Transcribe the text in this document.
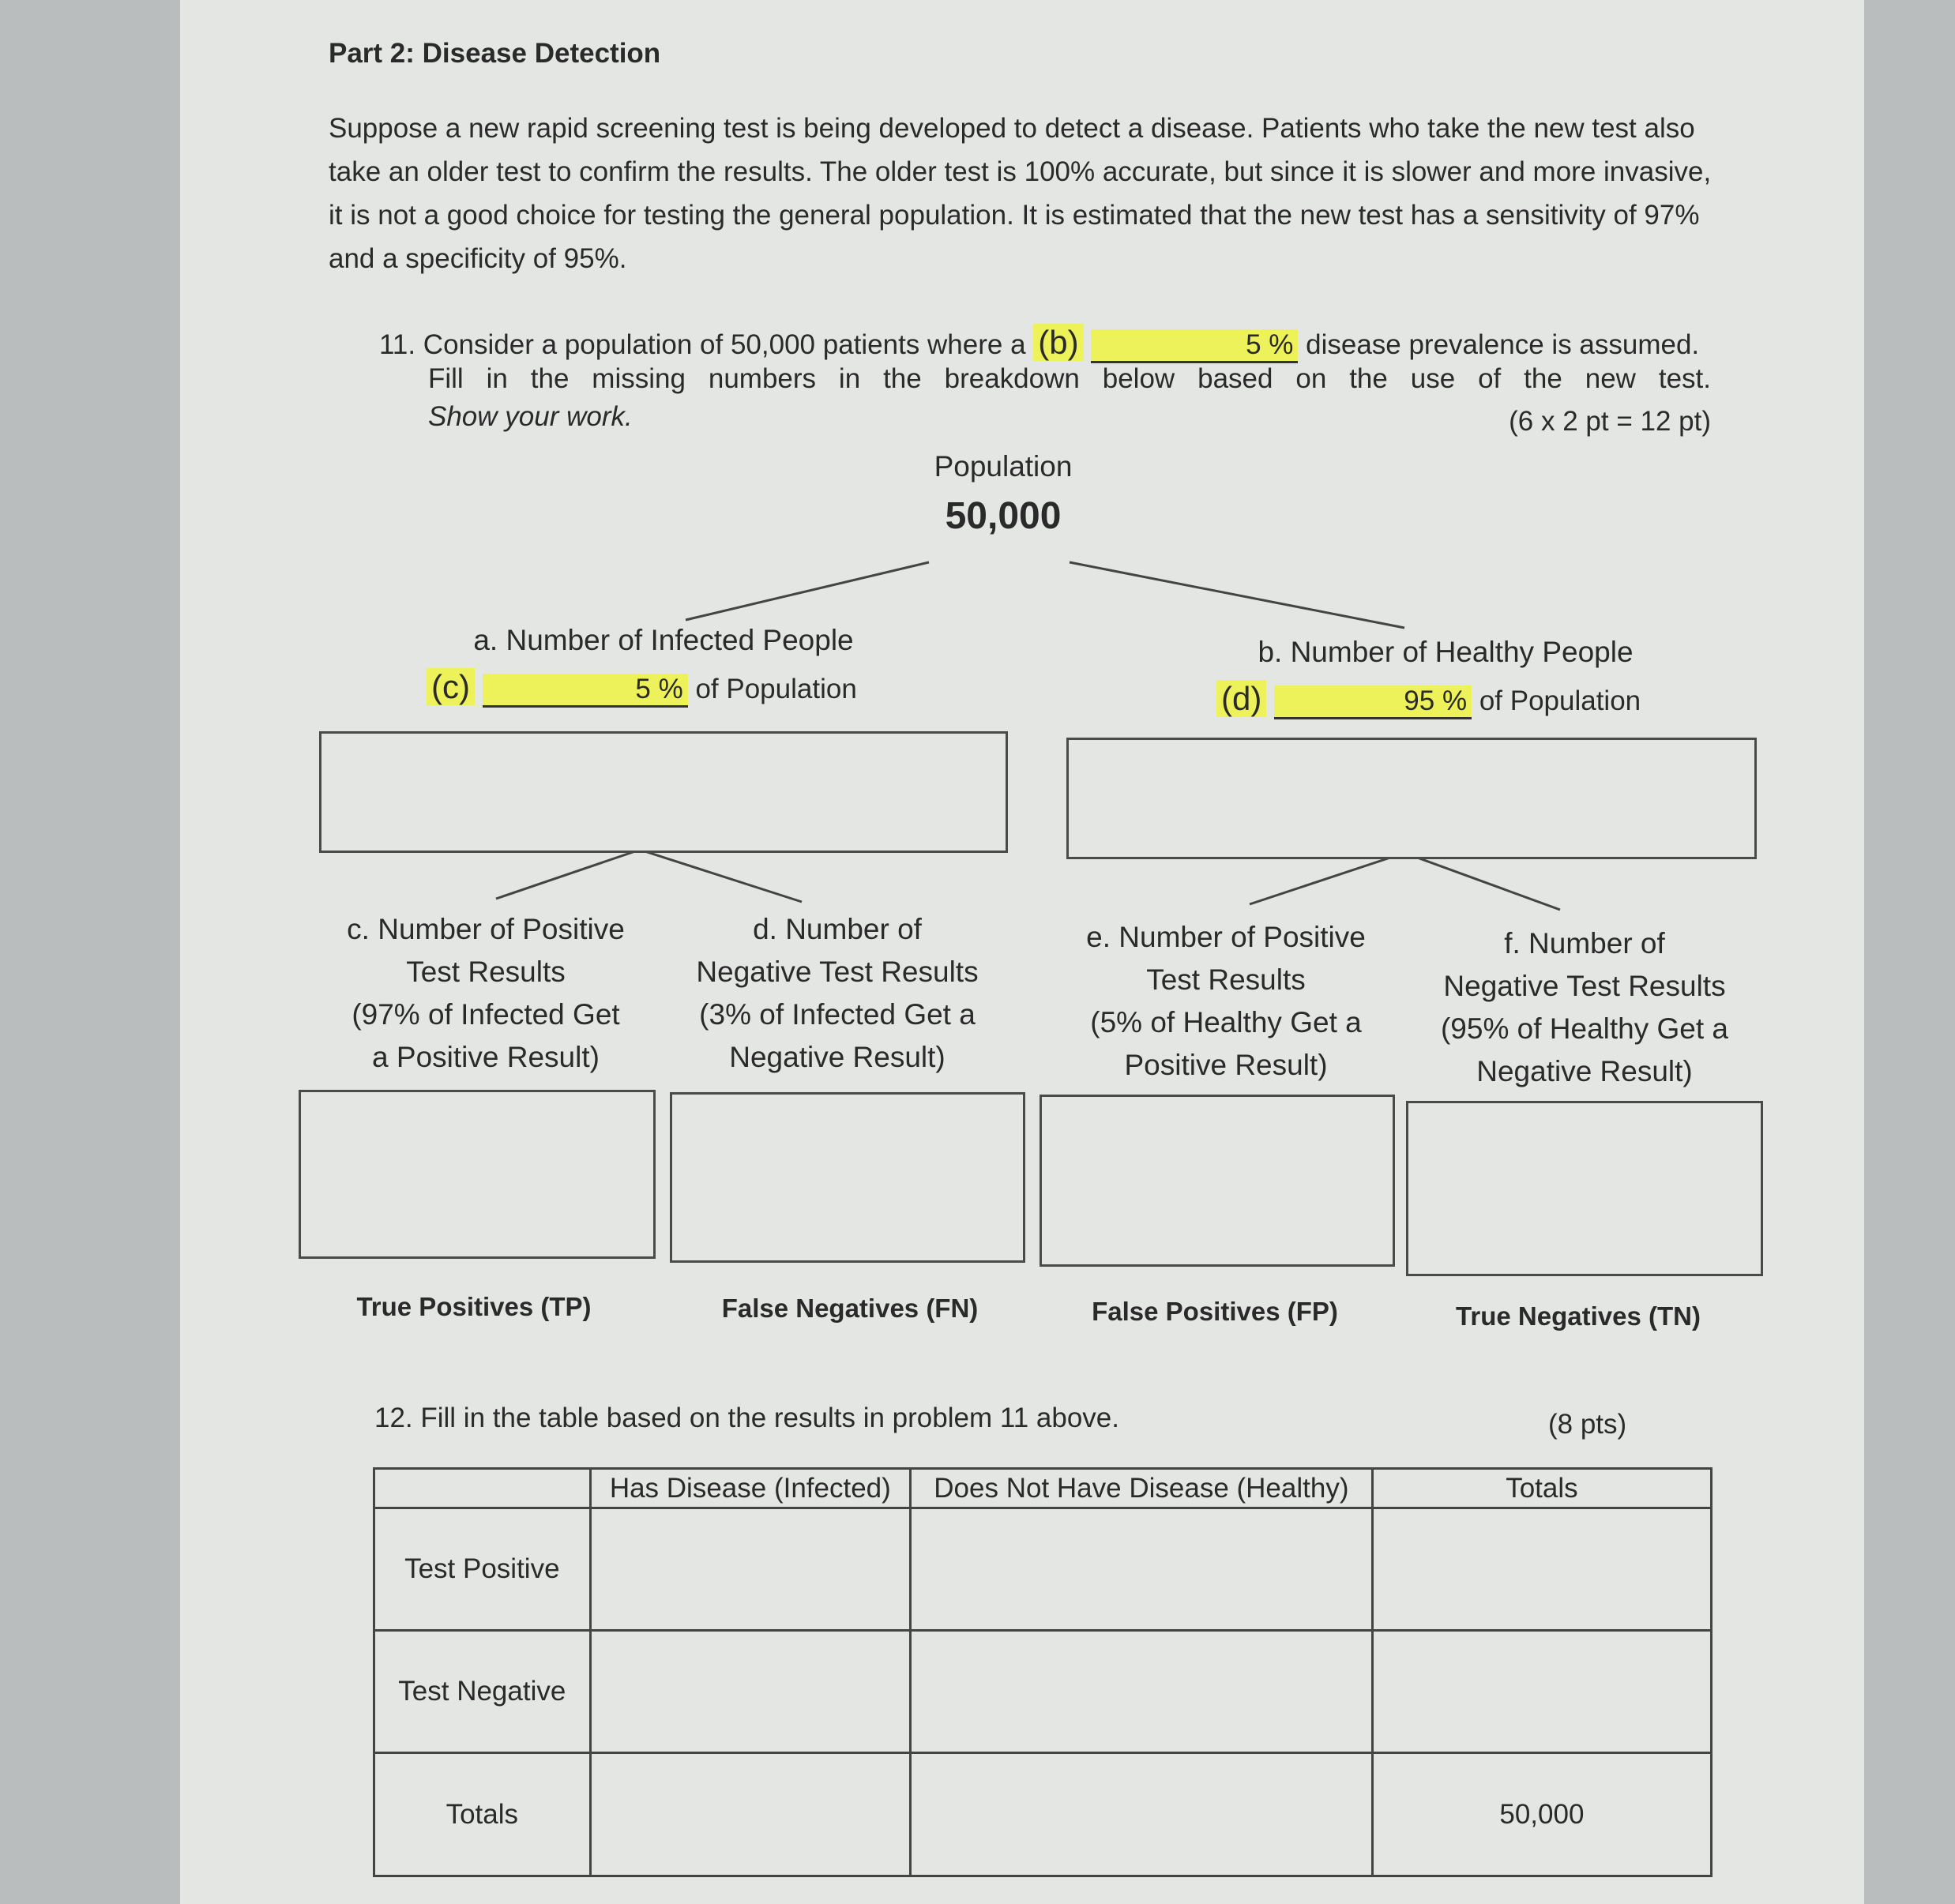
Part 2: Disease Detection
Suppose a new rapid screening test is being developed to detect a disease. Patients who take the new test also
take an older test to confirm the results. The older test is 100% accurate, but since it is slower and more invasive,
it is not a good choice for testing the general population. It is estimated that the new test has a sensitivity of 97%
and a specificity of 95%.
11. Consider a population of 50,000 patients where a (b)	5 % disease prevalence is assumed.
Fill in the missing numbers in the breakdown below based on the use of the new test.
Show your work.	(6 x 2 pt = 12 pt)
Population
50,000
a. Number of Infected People
(c)	5 % of Population
b. Number of Healthy People
(d)	95 % of Population
c. Number of Positive
Test Results
(97% of Infected Get
a Positive Result)
d. Number of
Negative Test Results
(3% of Infected Get a
Negative Result)
e. Number of Positive
Test Results
(5% of Healthy Get a
Positive Result)
f. Number of
Negative Test Results
(95% of Healthy Get a
Negative Result)
True Positives (TP)	False Negatives (FN)	False Positives (FP)	True Negatives (TN)
12. Fill in the table based on the results in problem 11 above.	(8 pts)
	Has Disease (Infected)	Does Not Have Disease (Healthy)	Totals
Test Positive			
Test Negative			
Totals			50,000
